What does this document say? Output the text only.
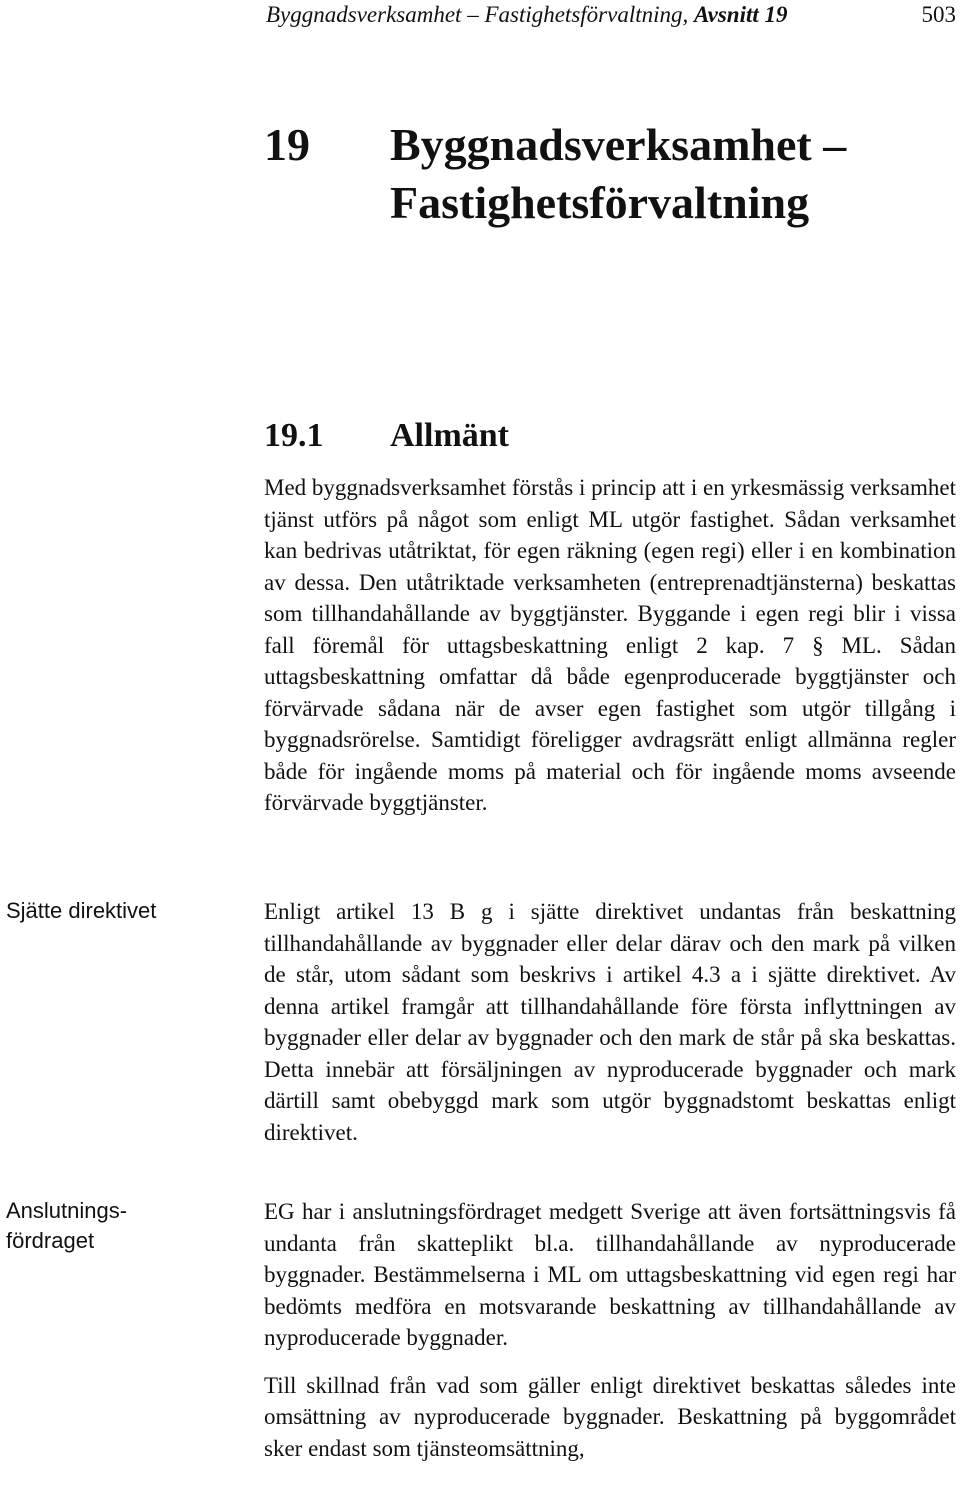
Byggnadsverksamhet – Fastighetsförvaltning, Avsnitt 19	503
19 Byggnadsverksamhet –
Fastighetsförvaltning
19.1 Allmänt

Med byggnadsverksamhet förstås i princip att i en yrkesmässig verksamhet tjänst utförs på något som enligt ML utgör fastighet. Sådan verksamhet kan bedrivas utåtriktat, för egen räkning (egen regi) eller i en kombination av dessa. Den utåtriktade verksamheten (entreprenadtjänsterna) beskattas som tillhandahållande av byggtjänster. Byggande i egen regi blir i vissa fall föremål för uttagsbeskattning enligt 2 kap. 7 § ML. Sådan uttagsbeskattning omfattar då både egenproducerade byggtjänster och förvärvade sådana när de avser egen fastighet som utgör tillgång i byggnadsrörelse. Samtidigt föreligger avdragsrätt enligt allmänna regler både för ingående moms på material och för ingående moms avseende förvärvade byggtjänster.

Sjätte direktivet	Enligt artikel 13 B g i sjätte direktivet undantas från beskattning tillhandahållande av byggnader eller delar därav och den mark på vilken de står, utom sådant som beskrivs i artikel 4.3 a i sjätte direktivet. Av denna artikel framgår att tillhandahållande före första inflyttningen av byggnader eller delar av byggnader och den mark de står på ska beskattas. Detta innebär att försäljningen av nyproducerade byggnader och mark därtill samt obebyggd mark som utgör byggnadstomt beskattas enligt direktivet.

Anslutnings-
fördraget

EG har i anslutningsfördraget medgett Sverige att även fortsättningsvis få undanta från skatteplikt bl.a. tillhandahållande av nyproducerade byggnader. Bestämmelserna i ML om uttagsbeskattning vid egen regi har bedömts medföra en motsvarande beskattning av tillhandahållande av nyproducerade byggnader.

Till skillnad från vad som gäller enligt direktivet beskattas således inte omsättning av nyproducerade byggnader. Beskattning på byggområdet sker endast som tjänsteomsättning,
